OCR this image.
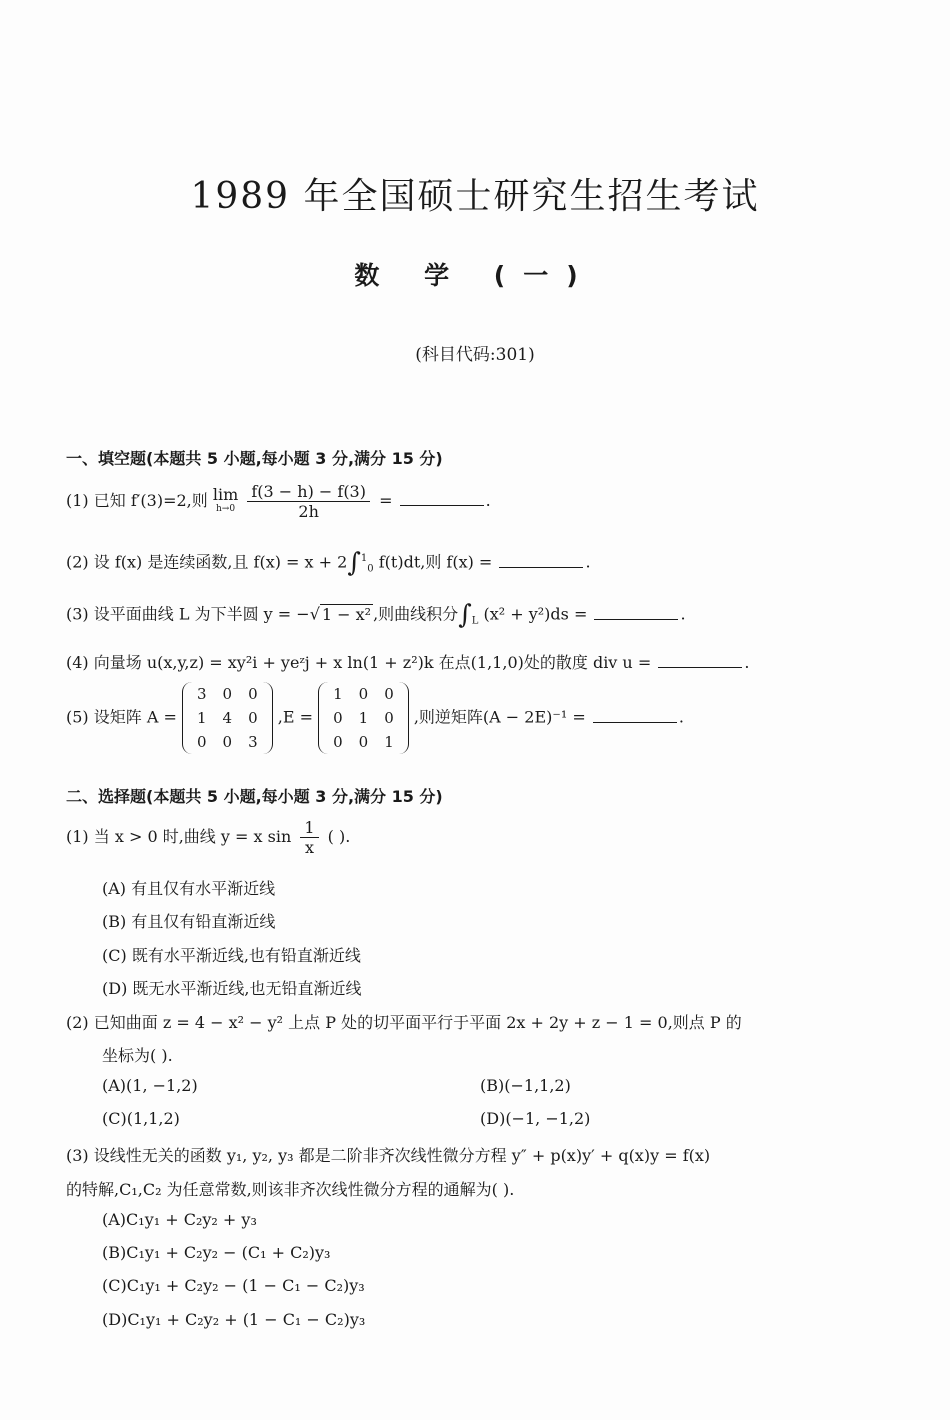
1989 年全国硕士研究生招生考试
数 学 (一)
(科目代码:301)
一、填空题(本题共 5 小题,每小题 3 分,满分 15 分)
(1) 已知 f′(3)=2,则 lim
h→0
$\frac{f(3 - h) - f(3)}{2h}$ =	.
(2) 设 f(x) 是连续函数,且 f(x) = x + 2∫$^1_0$ f(t)dt,则 f(x) =	.
(3) 设平面曲线 L 为下半圆 y = −√ 1 − x² ,则曲线积分$\int_L$ (x² + y²)ds =	.
(4) 向量场 u(x,y,z) = xy²i + yeᶻj + x ln(1 + z²)k 在点(1,1,0)处的散度 div u =	.
(5) 设矩阵 A =
3	0	0
1	4	0
0	0	3
,E =
1	0	0
0	1	0
0	0	1
,则逆矩阵(A − 2E)⁻¹ =	.
二、选择题(本题共 5 小题,每小题 3 分,满分 15 分)
(1) 当 x > 0 时,曲线 y = x $\sin \frac{1}{x}$ ( ).
(A) 有且仅有水平渐近线
(B) 有且仅有铅直渐近线
(C) 既有水平渐近线,也有铅直渐近线
(D) 既无水平渐近线,也无铅直渐近线
(2) 已知曲面 z = 4 − x² − y² 上点 P 处的切平面平行于平面 2x + 2y + z − 1 = 0,则点 P 的
坐标为( ).
(A)(1, −1,2)	(B)(−1,1,2)
(C)(1,1,2)	(D)(−1, −1,2)
(3) 设线性无关的函数 y₁, y₂, y₃ 都是二阶非齐次线性微分方程 y″ + p(x)y′ + q(x)y = f(x)
的特解,C₁,C₂ 为任意常数,则该非齐次线性微分方程的通解为( ).
(A)C₁y₁ + C₂y₂ + y₃
(B)C₁y₁ + C₂y₂ − (C₁ + C₂)y₃
(C)C₁y₁ + C₂y₂ − (1 − C₁ − C₂)y₃
(D)C₁y₁ + C₂y₂ + (1 − C₁ − C₂)y₃
